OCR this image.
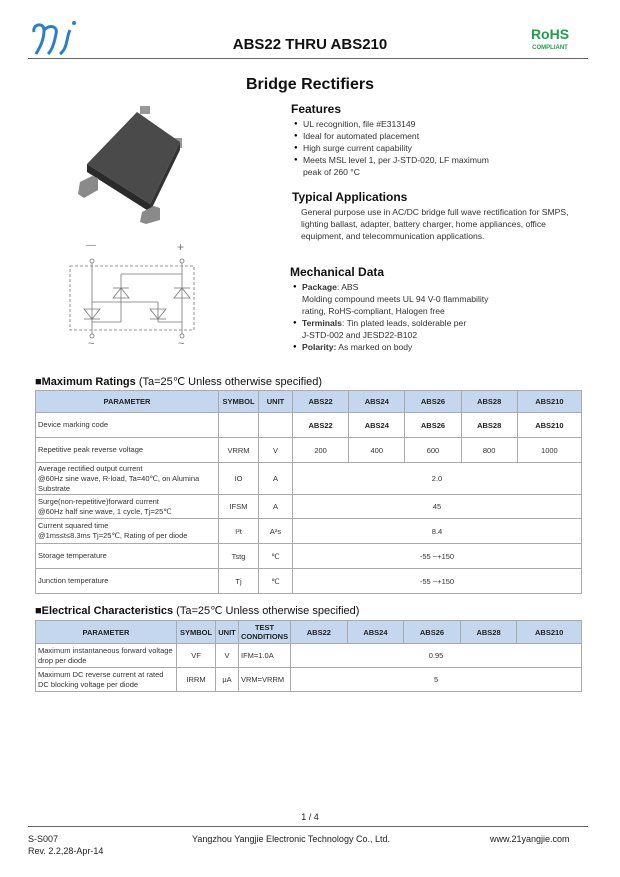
ABS22 THRU ABS210
RoHS
COMPLIANT
Bridge Rectifiers
—	+
~	~
Features
● UL recognition, file #E313149
● Ideal for automated placement
● High surge current capability
● Meets MSL level 1, per J-STD-020, LF maximum
peak of 260 °C
Typical Applications

General purpose use in AC/DC bridge full wave rectification for SMPS, lighting ballast, adapter, battery charger, home appliances, office equipment, and telecommunication applications.

Mechanical Data
● Package: ABS
Molding compound meets UL 94 V-0 flammability
rating, RoHS-compliant, Halogen free
● Terminals: Tin plated leads, solderable per
J-STD-002 and JESD22-B102
● Polarity: As marked on body
■Maximum Ratings (Ta=25℃ Unless otherwise specified)
PARAMETER	SYMBOL	UNIT	ABS22	ABS24	ABS26	ABS28	ABS210
Device marking code			ABS22	ABS24	ABS26	ABS28	ABS210
Repetitive peak reverse voltage	VRRM	V	200	400	600	800	1000
Average rectified output current
@60Hz sine wave, R-load, Ta=40℃, on Alumina Substrate	IO	A	2.0				
Surge(non-repetitive)forward current
@60Hz half sine wave, 1 cycle, Tj=25℃	IFSM	A	45				
Current squared time
@1ms≤t≤8.3ms Tj=25℃, Rating of per diode	I²t	A²s	8.4				
Storage temperature	Tstg	℃	-55 ~+150				
Junction temperature	Tj	℃	-55 ~+150				
■Electrical Characteristics (Ta=25℃ Unless otherwise specified)
PARAMETER	SYMBOL	UNIT	TEST CONDITIONS	ABS22	ABS24	ABS26	ABS28	ABS210
Maximum instantaneous forward voltage drop per diode	VF	V	IFM=1.0A	0.95				
Maximum DC reverse current at rated DC blocking voltage per diode	IRRM	μA	VRM=VRRM	5				
1 / 4
S-S007
Rev. 2.2,28-Apr-14
Yangzhou Yangjie Electronic Technology Co., Ltd.	www.21yangjie.com
